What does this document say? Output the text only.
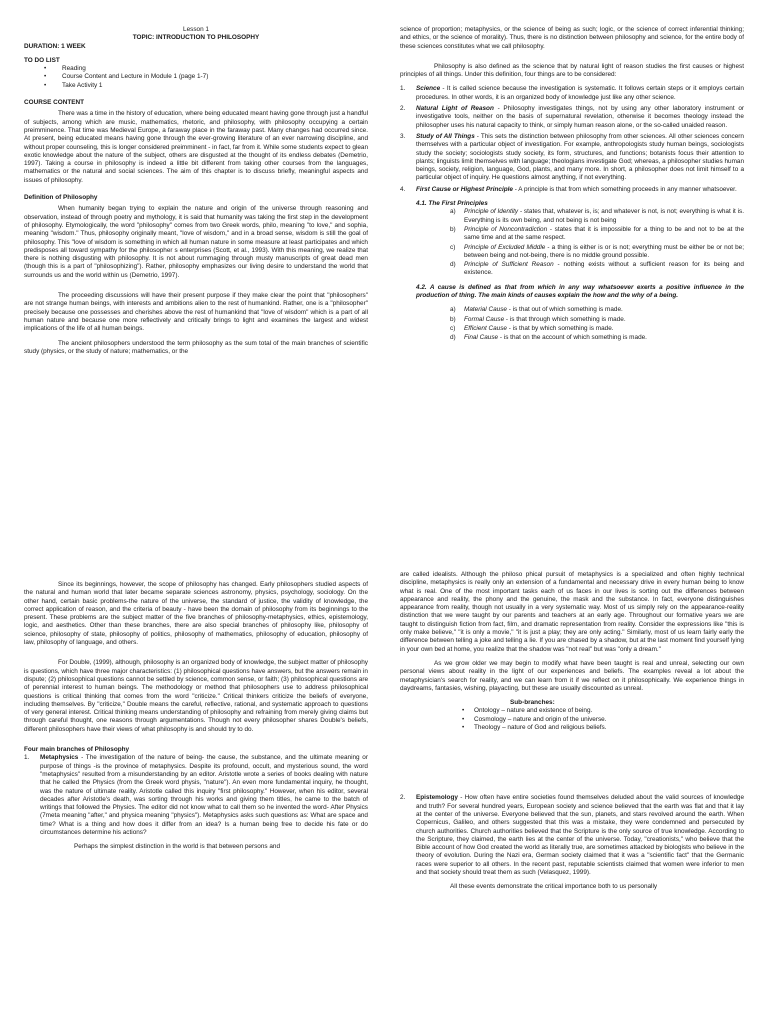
Lesson 1
TOPIC: INTRODUCTION TO PHILOSOPHY
DURATION: 1 WEEK
TO DO LIST
• Reading
• Course Content and Lecture in Module 1 (page 1-7)
• Take Activity 1
COURSE CONTENT

There was a time in the history of education, where being educated meant having gone through just a handful of subjects, among which are music, mathematics, rhetoric, and philosophy, with philosophy occupying a certain preimminence. That time was Medieval Europe, a faraway place in the faraway past. Many changes had occurred since. At present, being educated means having gone through the ever-growing literature of an ever narrowing discipline, and without proper counseling, this is longer considered preimminent - in fact, far from it. While some students expect to glean exotic knowledge about the nature of the subject, others are disgusted at the thought of its endless debates (Demetrio, 1997). Taking a course in philosophy is indeed a little bit different from taking other courses from the languages, mathematics or the natural and social sciences. The aim of this chapter is to discuss briefly, meaningful aspects and issues of philosophy.

Definition of Philosophy

When humanity began trying to explain the nature and origin of the universe through reasoning and observation, instead of through poetry and mythology, it is said that humanity was taking the first step in the development of philosophy. Etymologically, the word "philosophy" comes from two Greek words, philo, meaning "to love," and sophia, meaning "wisdom." Thus, philosophy originally meant, "love of wisdom," and in a broad sense, wisdom is still the goal of philosophy. This "love of wisdom is something in which all human nature in some measure at least participates and which predisposes all toward sympathy for the philosopher s enterprises (Scott, et al., 1993). With this meaning, we realize that there is nothing disgusting with philosophy. It is not about rummaging through musty manuscripts of great dead men (though this is a part of "philosophizing"). Rather, philosophy emphasizes our living desire to understand the world that surrounds us and the world within us (Demetrio, 1997).

The proceeding discussions will have their present purpose if they make clear the point that "philosophers" are not strange human beings, with interests and ambitions alien to the rest of humankind. Rather, one is a "philosopher" precisely because one possesses and cherishes above the rest of humankind that "love of wisdom" which is a part of all human nature and because one more reflectively and critically brings to light and examines the largest and widest implications of the life of all human beings.

The ancient philosophers understood the term philosophy as the sum total of the main branches of scientific study (physics, or the study of nature; mathematics, or the

science of proportion; metaphysics, or the science of being as such; logic, or the science of correct inferential thinking; and ethics, or the science of morality). Thus, there is no distinction between philosophy and science, for the entire body of these sciences constitutes what we call philosophy.

Philosophy is also defined as the science that by natural light of reason studies the first causes or highest principles of all things. Under this definition, four things are to be considered:

1. Science - It is called science because the investigation is systematic. It follows certain steps or it employs certain procedures. In other words, it is an organized body of knowledge just like any other science.
2. Natural Light of Reason - Philosophy investigates things, not by using any other laboratory instrument or investigative tools, neither on the basis of supernatural revelation, otherwise it becomes theology instead the philosopher uses his natural capacity to think, or simply human reason alone, or the so-called unaided reason.
3. Study of All Things - This sets the distinction between philosophy from other sciences. All other sciences concern themselves with a particular object of investigation. For example, anthropologists study human beings, sociologists study the society; sociologists study society, its form, structures, and functions; botanists focus their attention to plants; linguists limit themselves with language; theologians investigate God; whereas, a philosopher studies human beings, society, religion, language, God, plants, and many more. In short, a philosopher does not limit himself to a particular object of inquiry. He questions almost anything, if not everything.
4. First Cause or Highest Principle - A principle is that from which something proceeds in any manner whatsoever.
4.1. The First Principles
a) Principle of Identity - states that, whatever is, is; and whatever is not, is not; everything is what it is. Everything is its own being, and not being is not being
b) Principle of Noncontradiction - states that it is impossible for a thing to be and not to be at the same time and at the same respect.
c) Principle of Excluded Middle - a thing is either is or is not; everything must be either be or not be; between being and not-being, there is no middle ground possible.
d) Principle of Sufficient Reason - nothing exists without a sufficient reason for its being and existence.

4.2. A cause is defined as that from which in any way whatsoever exerts a positive influence in the production of thing. The main kinds of causes explain the how and the why of a being.

a) Material Cause - is that out of which something is made.
b) Formal Cause - is that through which something is made.
c) Efficient Cause - is that by which something is made.
d) Final Cause - is that on the account of which something is made.

Since its beginnings, however, the scope of philosophy has changed. Early philosophers studied aspects of the natural and human world that later became separate sciences astronomy, physics, psychology, sociology. On the other hand, certain basic problems-the nature of the universe, the standard of justice, the validity of knowledge, the correct application of reason, and the criteria of beauty - have been the domain of philosophy from its beginnings to the present. These problems are the subject matter of the five branches of philosophy-metaphysics, ethics, epistemology, logic, and aesthetics. Other than these branches, there are also special branches of philosophy like, philosophy of science, philosophy of state, philosophy of politics, philosophy of mathematics, philosophy of education, philosophy of law, philosophy of language, and others.

For Double, (1999), although, philosophy is an organized body of knowledge, the subject matter of philosophy is questions, which have three major characteristics: (1) philosophical questions have answers, but the answers remain in dispute; (2) philosophical questions cannot be settled by science, common sense, or faith; (3) philosophical questions are of perennial interest to human beings. The methodology or method that philosophers use to address philosophical questions is critical thinking that comes from the word "criticize." Critical thinkers criticize the beliefs of everyone, including themselves. By "criticize," Double means the careful, reflective, rational, and systematic approach to questions of very general interest. Critical thinking means understanding of philosophy and refraining from merely giving claims but through careful thought, one reasons through argumentations. Though not every philosopher shares Double's beliefs, different philosophers have their views of what philosophy is and should try to do.

Four main branches of Philosophy
1. Metaphysics - The investigation of the nature of being- the cause, the substance, and the ultimate meaning or purpose of things -is the province of metaphysics. Despite its profound, occult, and mysterious sound, the word "metaphysics" resulted from a misunderstanding by an editor. Aristotle wrote a series of books dealing with nature that he called the Physics (from the Greek word physis, "nature"). An even more fundamental inquiry, he thought, was the nature of ultimate reality. Aristotle called this inquiry "first philosophy." However, when his editor, several decades after Aristotle's death, was sorting through his works and giving them titles, he came to the batch of writings that followed the Physics. The editor did not know what to call them so he invented the word- After Physics (7meta meaning "after," and physica meaning "physics"). Metaphysics asks such questions as: What are space and time? What is a thing and how does it differ from an idea? Is a human being free to decide his fate or do circumstances determine his actions?

Perhaps the simplest distinction in the world is that between persons and

are called idealists. Although the philoso phical pursuit of metaphysics is a specialized and often highly technical discipline, metaphysics is really only an extension of a fundamental and necessary drive in every human being to know what is real. One of the most important tasks each of us faces in our lives is sorting out the differences between appearance and reality, the phony and the genuine, the mask and the substance. In fact, everyone distinguishes appearance from reality, though not usually in a very systematic way. Most of us simply rely on the appearance-reality distinction that we were taught by our parents and teachers at an early age. Throughout our formative years we are taught to distinguish fiction from fact, film, and dramatic representation from reality. Consider the expressions like "this is only make believe," "it is only a movie," "it is just a play; they are only acting." Similarly, most of us learn fairly early the difference between telling a joke and telling a lie. If you are chased by a shadow, but at the last moment find yourself lying in your own bed at home, you realize that the shadow was "not real" but was "only a dream."

As we grow older we may begin to modify what have been taught is real and unreal, selecting our own personal views about reality in the light of our experiences and beliefs. The examples reveal a lot about the metaphysician's search for reality, and we can learn from it if we reflect on it philosophically. We experience things in daydreams, fantasies, wishing, playacting, but these are usually discounted as unreal.

Sub-branches:
• Ontology – nature and existence of being.
• Cosmology – nature and origin of the universe.
• Theology – nature of God and religious beliefs.
2. Epistemology - How often have entire societies found themselves deluded about the valid sources of knowledge and truth? For several hundred years, European society and science believed that the earth was flat and that it lay at the center of the universe. Everyone believed that the sun, planets, and stars revolved around the earth. When Copernicus, Galileo, and others suggested that this was a mistake, they were condemned and persecuted by church authorities. Church authorities believed that the Scripture is the only source of true knowledge. According to the Scripture, they claimed, the earth lies at the center of the universe. Today, "creationists," who believe that the Bible account of how God created the world as literally true, are sometimes attacked by biologists who believe in the theory of evolution. During the Nazi era, German society claimed that it was a "scientific fact" that the Germanic races were superior to all others. In the recent past, reputable scientists claimed that women were inferior to men and that society should treat them as such (Velasquez, 1999).

All these events demonstrate the critical importance both to us personally
